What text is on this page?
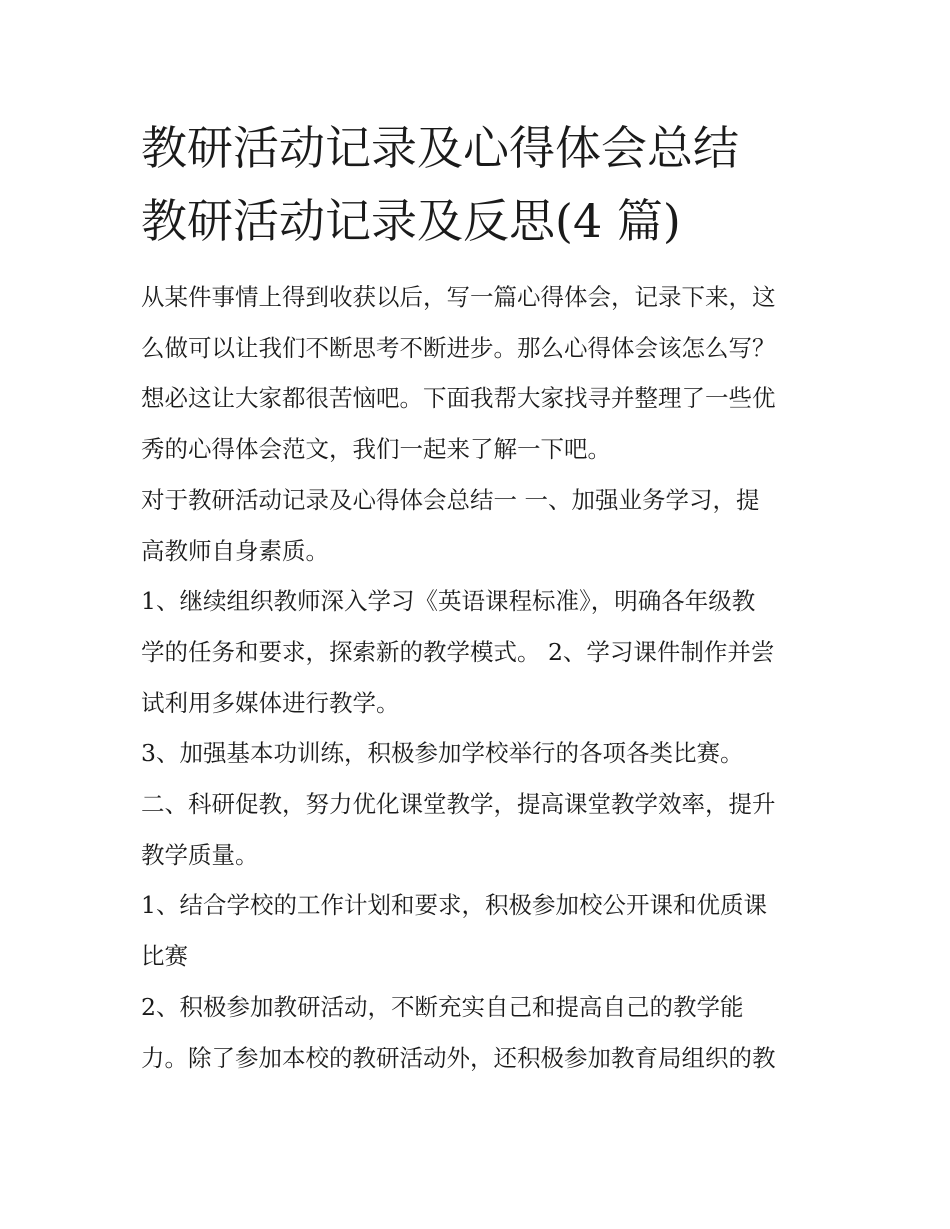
教研活动记录及心得体会总结
教研活动记录及反思(4 篇)

从某件事情上得到收获以后，写一篇心得体会，记录下来，这
么做可以让我们不断思考不断进步。那么心得体会该怎么写？
想必这让大家都很苦恼吧。下面我帮大家找寻并整理了一些优
秀的心得体会范文，我们一起来了解一下吧。

对于教研活动记录及心得体会总结一 一、加强业务学习，提
高教师自身素质。

1、继续组织教师深入学习《英语课程标准》，明确各年级教
学的任务和要求，探索新的教学模式。 2、学习课件制作并尝
试利用多媒体进行教学。

3、加强基本功训练，积极参加学校举行的各项各类比赛。

二、科研促教，努力优化课堂教学，提高课堂教学效率，提升
教学质量。

1、结合学校的工作计划和要求，积极参加校公开课和优质课
比赛

2、积极参加教研活动，不断充实自己和提高自己的教学能
力。除了参加本校的教研活动外，还积极参加教育局组织的教
